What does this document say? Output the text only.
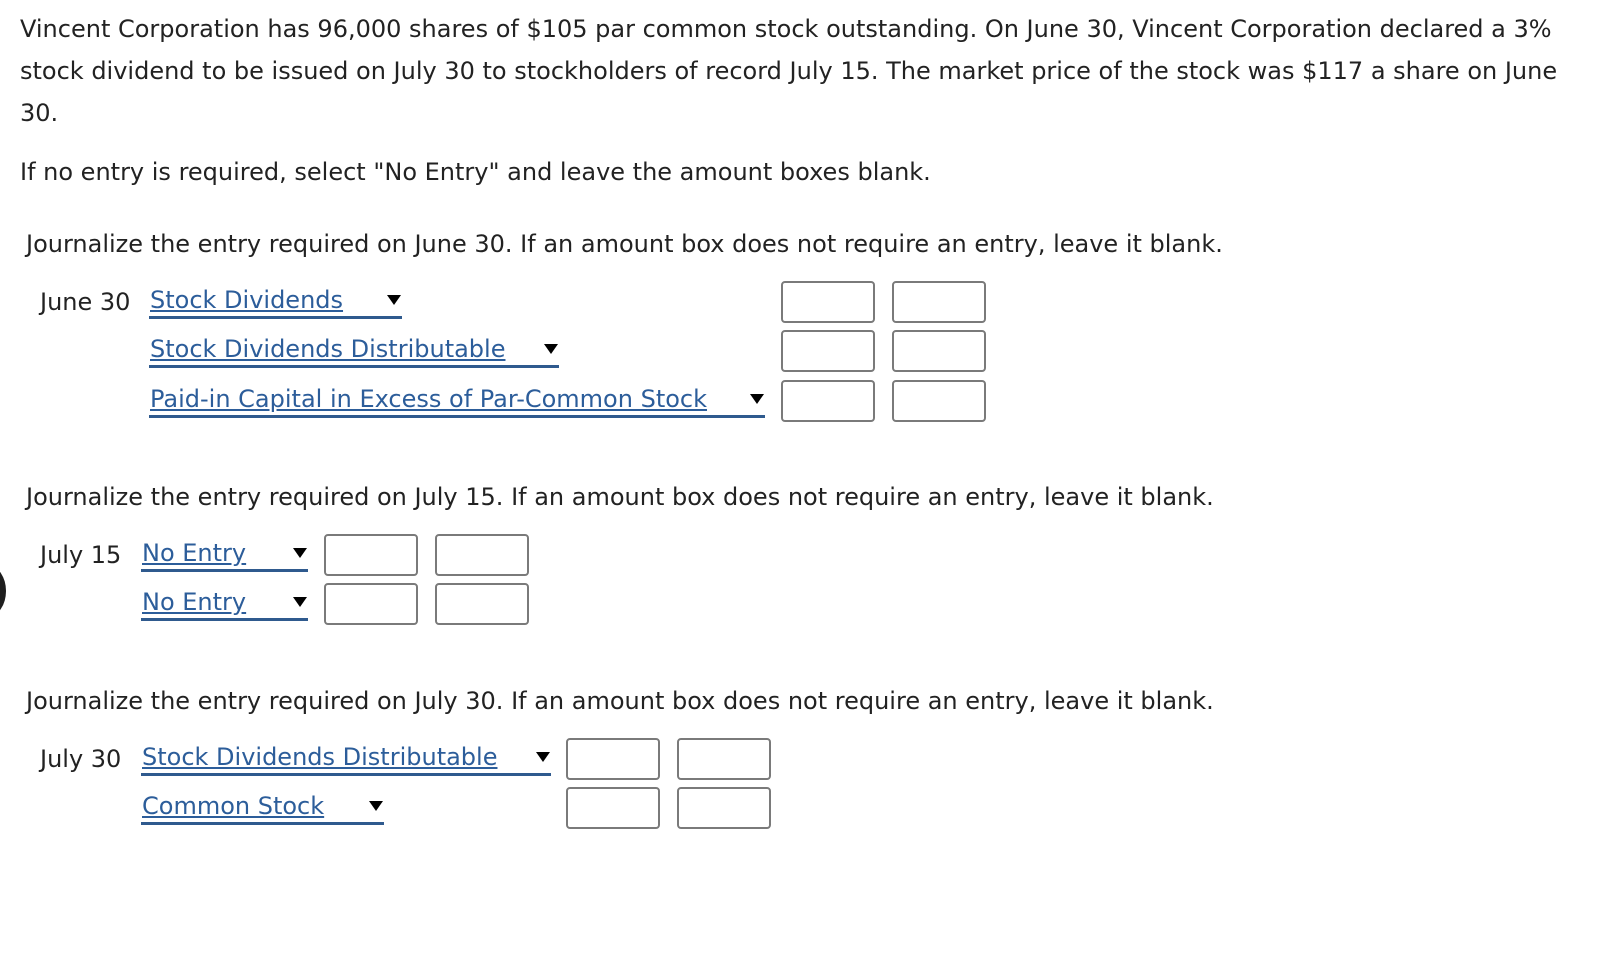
Vincent Corporation has 96,000 shares of $105 par common stock outstanding. On June 30, Vincent Corporation declared a 3% stock dividend to be issued on July 30 to stockholders of record July 15. The market price of the stock was $117 a share on June 30.

If no entry is required, select "No Entry" and leave the amount boxes blank.

Journalize the entry required on June 30. If an amount box does not require an entry, leave it blank.

June 30 Stock Dividends
Stock Dividends Distributable
Paid-in Capital in Excess of Par-Common Stock

Journalize the entry required on July 15. If an amount box does not require an entry, leave it blank.

July 15 No Entry
No Entry

Journalize the entry required on July 30. If an amount box does not require an entry, leave it blank.

July 30 Stock Dividends Distributable
Common Stock
